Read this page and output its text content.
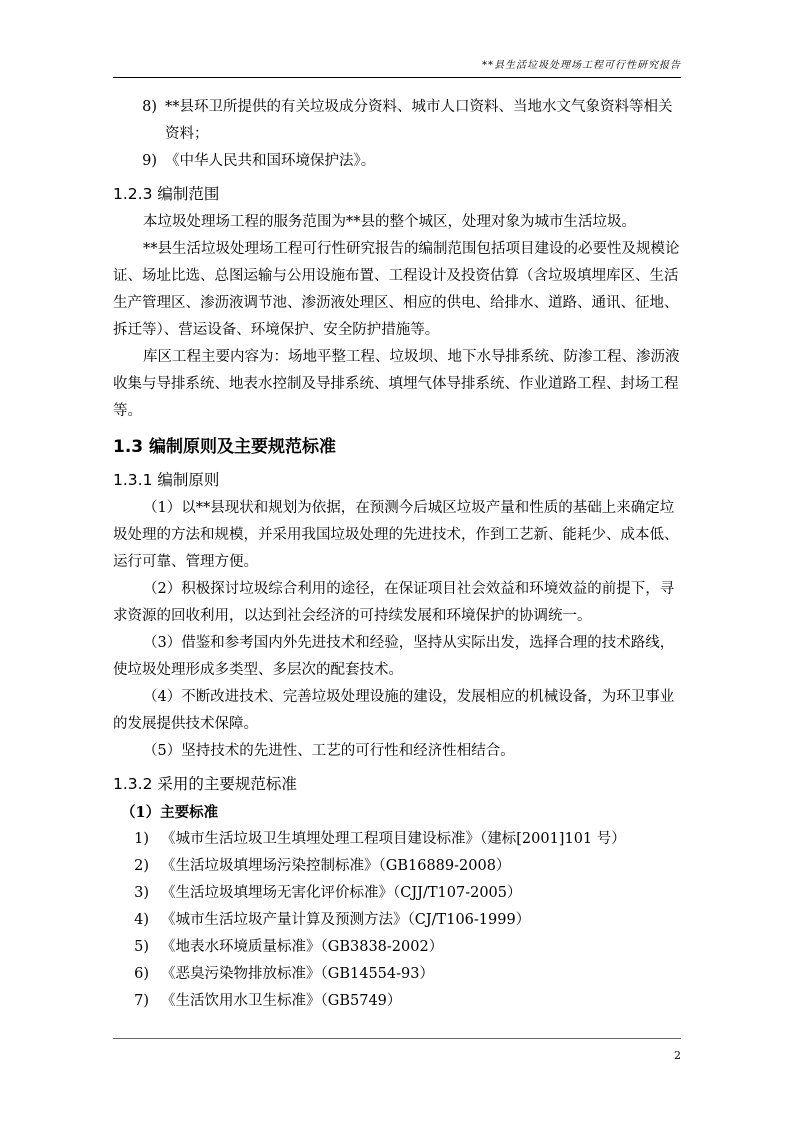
**县生活垃圾处理场工程可行性研究报告

8) **县环卫所提供的有关垃圾成分资料、城市人口资料、当地水文气象资料等相关资料；

9) 《中华人民共和国环境保护法》。

1.2.3 编制范围

本垃圾处理场工程的服务范围为**县的整个城区，处理对象为城市生活垃圾。

**县生活垃圾处理场工程可行性研究报告的编制范围包括项目建设的必要性及规模论证、场址比选、总图运输与公用设施布置、工程设计及投资估算（含垃圾填埋库区、生活生产管理区、渗沥液调节池、渗沥液处理区、相应的供电、给排水、道路、通讯、征地、拆迁等）、营运设备、环境保护、安全防护措施等。

库区工程主要内容为：场地平整工程、垃圾坝、地下水导排系统、防渗工程、渗沥液收集与导排系统、地表水控制及导排系统、填埋气体导排系统、作业道路工程、封场工程等。

1.3 编制原则及主要规范标准
1.3.1 编制原则

（1）以**县现状和规划为依据，在预测今后城区垃圾产量和性质的基础上来确定垃圾处理的方法和规模，并采用我国垃圾处理的先进技术，作到工艺新、能耗少、成本低、运行可靠、管理方便。

（2）积极探讨垃圾综合利用的途径，在保证项目社会效益和环境效益的前提下，寻求资源的回收利用，以达到社会经济的可持续发展和环境保护的协调统一。

（3）借鉴和参考国内外先进技术和经验，坚持从实际出发，选择合理的技术路线，使垃圾处理形成多类型、多层次的配套技术。

（4）不断改进技术、完善垃圾处理设施的建设，发展相应的机械设备，为环卫事业的发展提供技术保障。

（5）坚持技术的先进性、工艺的可行性和经济性相结合。

1.3.2 采用的主要规范标准

（1）主要标准

1) 《城市生活垃圾卫生填埋处理工程项目建设标准》（建标[2001]101 号）

2) 《生活垃圾填埋场污染控制标准》（GB16889-2008）

3) 《生活垃圾填埋场无害化评价标准》（CJJ/T107-2005）

4) 《城市生活垃圾产量计算及预测方法》（CJ/T106-1999）

5) 《地表水环境质量标准》（GB3838-2002）

6) 《恶臭污染物排放标准》（GB14554-93）

7) 《生活饮用水卫生标准》（GB5749）

2
